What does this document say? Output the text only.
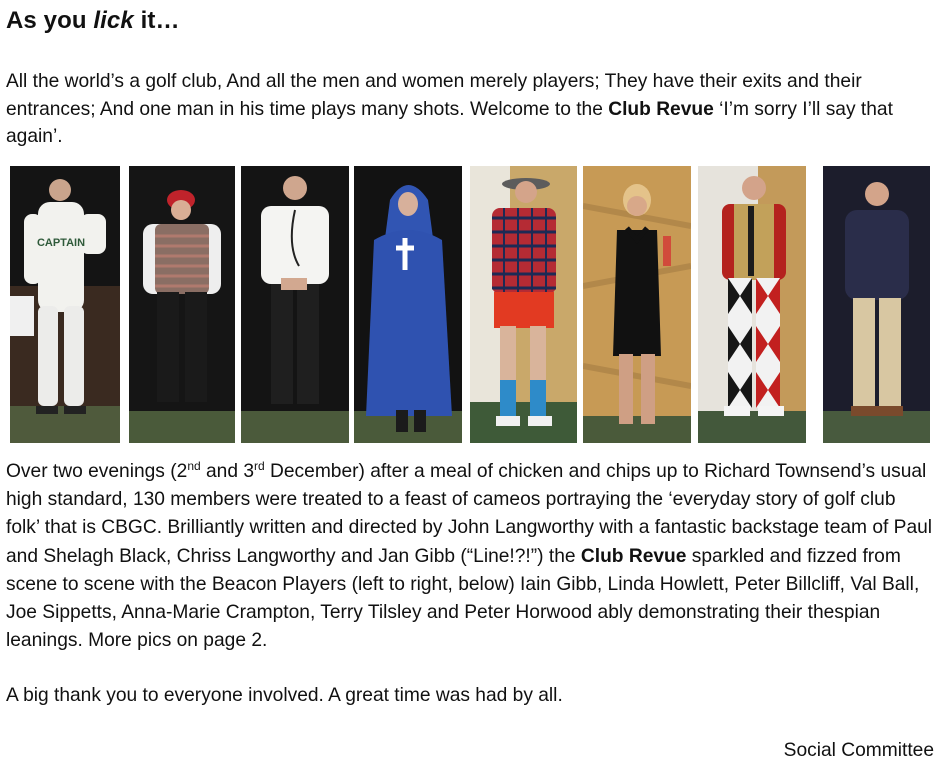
As you lick it…

All the world’s a golf club, And all the men and women merely players; They have their exits and their entrances; And one man in his time plays many shots. Welcome to the Club Revue ‘I’m sorry I’ll say that again’.

CAPTAIN

Over two evenings (2nd and 3rd December) after a meal of chicken and chips up to Richard Townsend’s usual high standard, 130 members were treated to a feast of cameos portraying the ‘everyday story of golf club folk’ that is CBGC. Brilliantly written and directed by John Langworthy with a fantastic backstage team of Paul and Shelagh Black, Chriss Langworthy and Jan Gibb (“Line!?!”) the Club Revue sparkled and fizzed from scene to scene with the Beacon Players (left to right, below) Iain Gibb, Linda Howlett, Peter Billcliff, Val Ball, Joe Sippetts, Anna-Marie Crampton, Terry Tilsley and Peter Horwood ably demonstrating their thespian leanings. More pics on page 2.

A big thank you to everyone involved. A great time was had by all.

Social Committee
